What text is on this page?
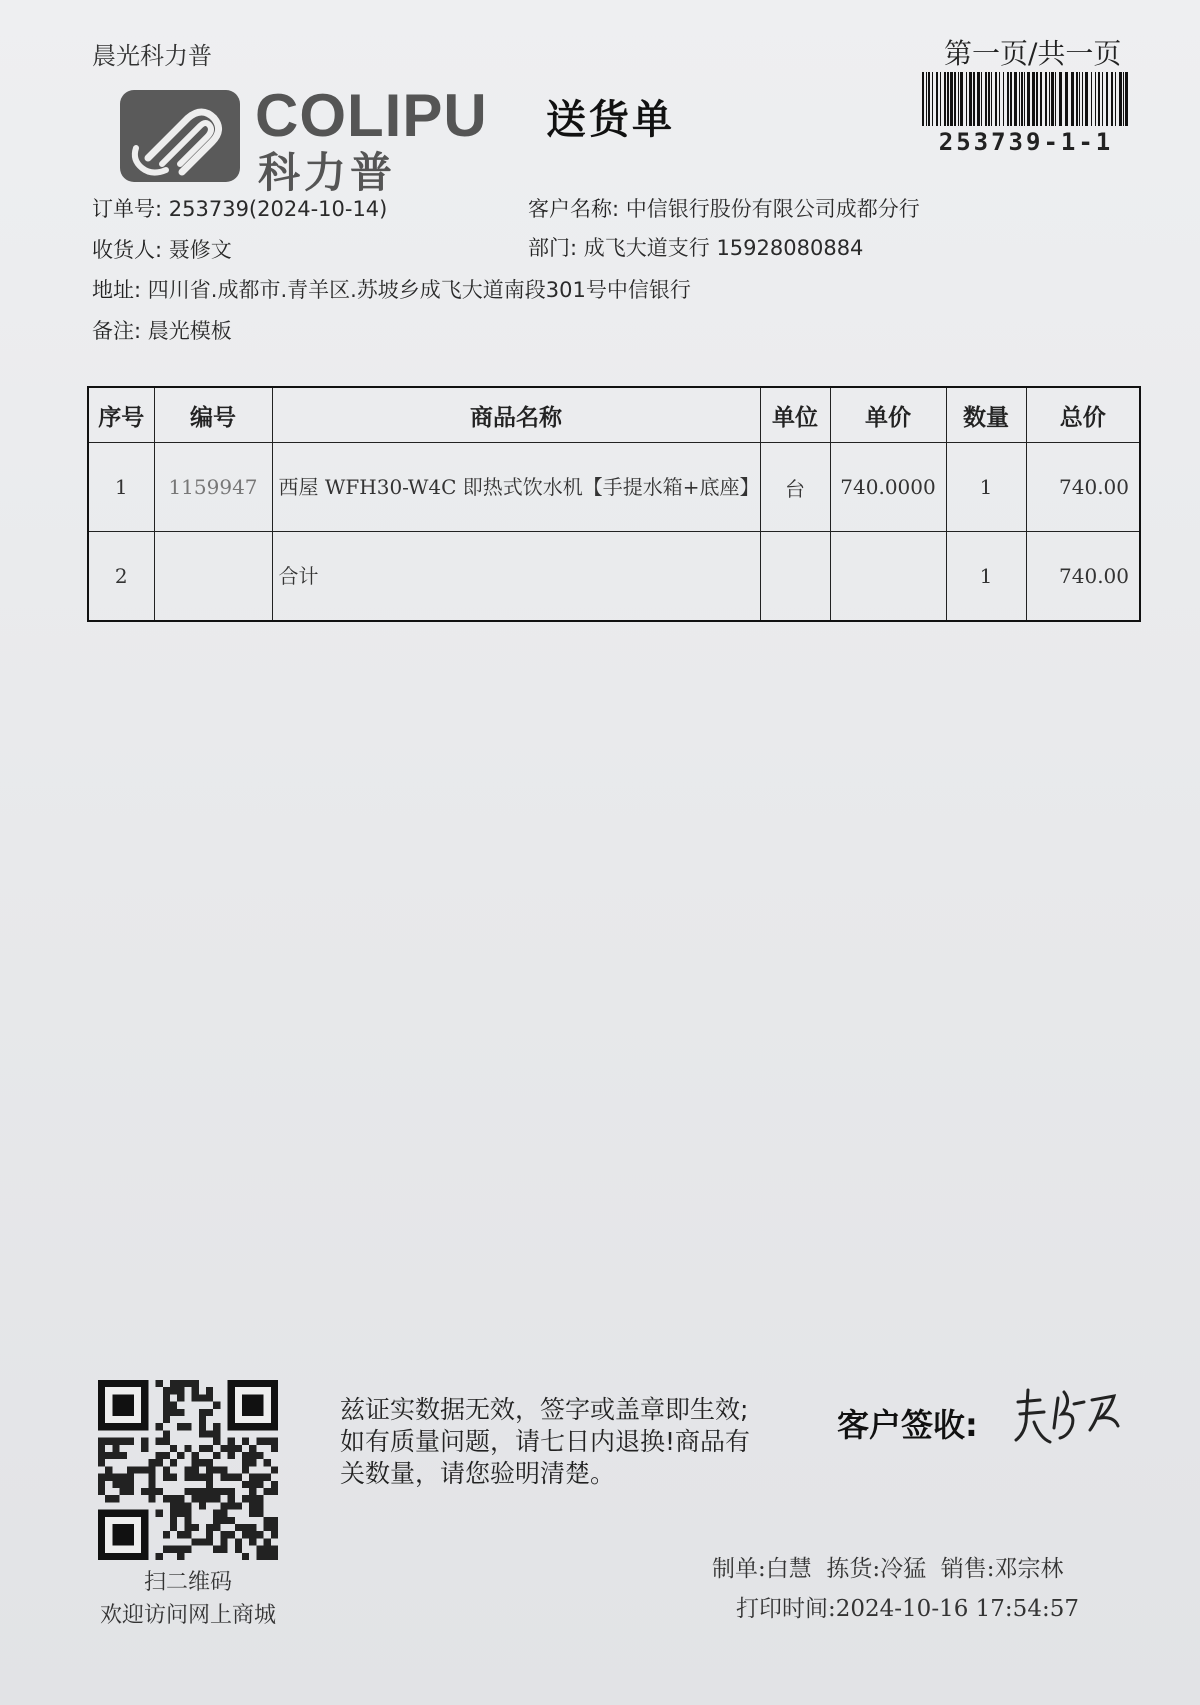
晨光科力普
COLIPU
科力普
送货单
第一页/共一页
253739-1-1
订单号: 253739(2024-10-14)	客户名称: 中信银行股份有限公司成都分行
收货人: 聂修文	部门: 成飞大道支行 15928080884
地址: 四川省.成都市.青羊区.苏坡乡成飞大道南段301号中信银行
备注: 晨光模板
序号	编号	商品名称	单位	单价	数量	总价
1	1159947	西屋 WFH30-W4C 即热式饮水机【手提水箱+底座】	台	740.0000	1	740.00
2		合计			1	740.00
扫二维码
欢迎访问网上商城
兹证实数据无效，签字或盖章即生效;如有质量问题，请七日内退换!商品有关数量，请您验明清楚。
客户签收:
制单:白慧  拣货:冷猛  销售:邓宗林
打印时间:2024-10-16 17:54:57
